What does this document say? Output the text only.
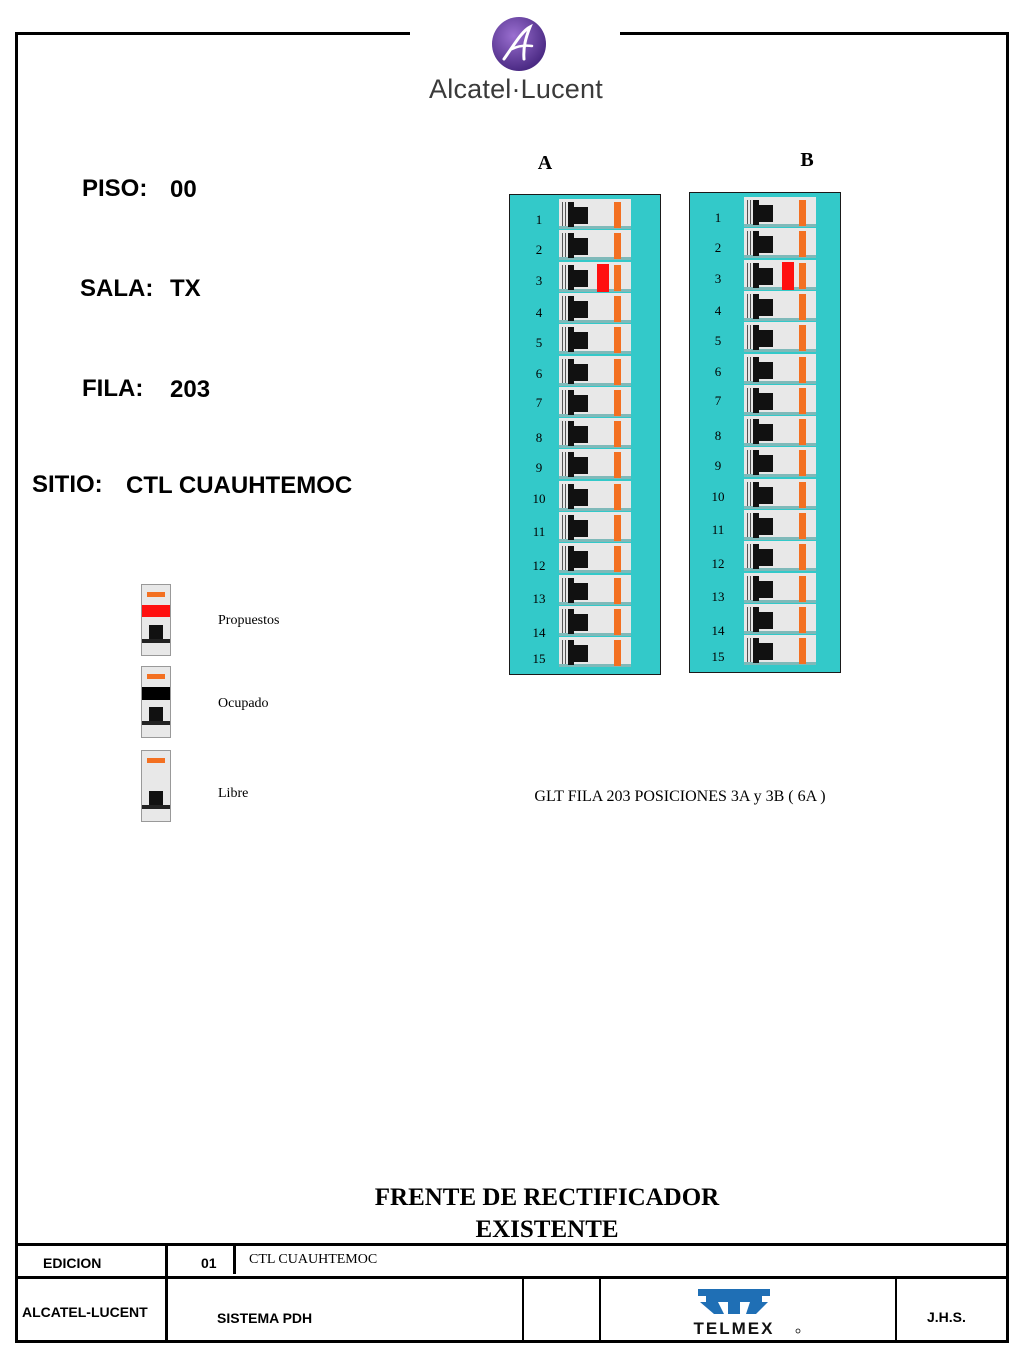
Alcatel·Lucent
PISO: 00
SALA: TX
FILA: 203
SITIO: CTL CUAUHTEMOC
A	B
1
2
3
4
5
6
7
8
9
10
11
12
13
14
15
1
2
3
4
5
6
7
8
9
10
11
12
13
14
15
Propuestos
Ocupado
Libre	GLT FILA 203 POSICIONES 3A y 3B ( 6A )
FRENTE DE RECTIFICADOR
EXISTENTE
EDICION	01 CTL CUAUHTEMOC
ALCATEL-LUCENT	SISTEMA PDH	J.H.S.
TELMEX
